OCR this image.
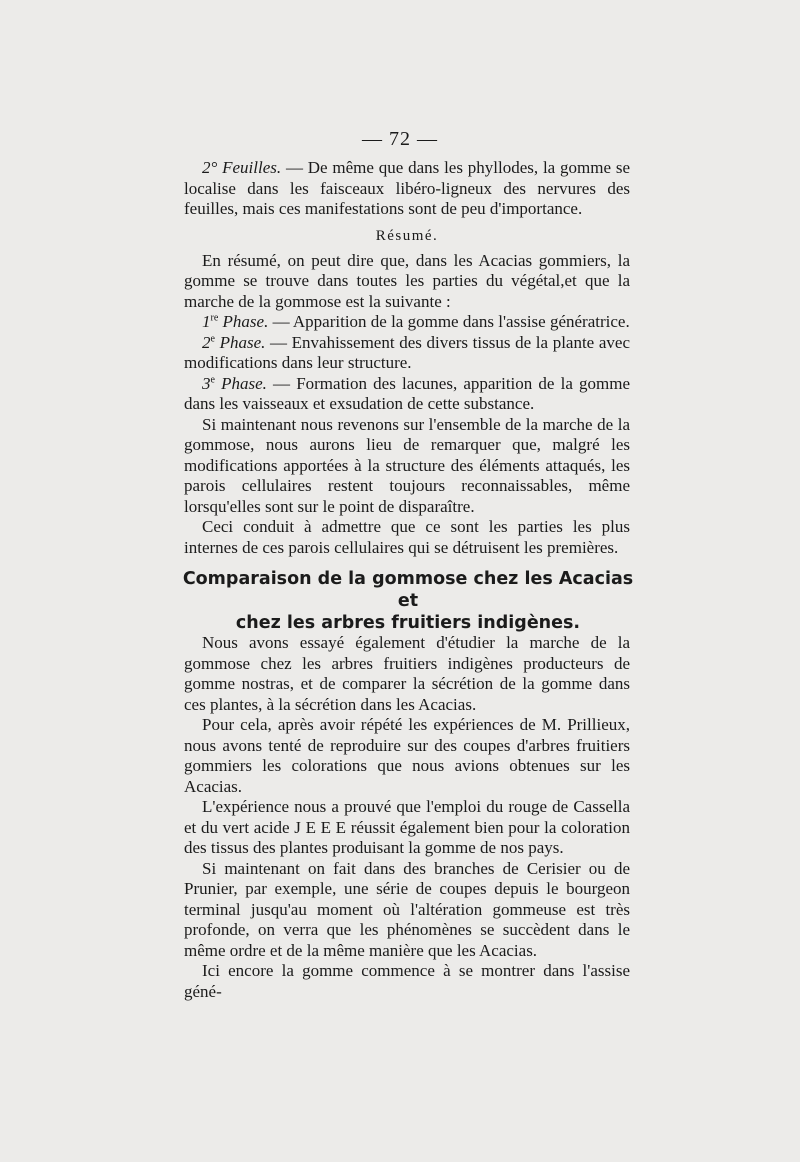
— 72 —

2° Feuilles. — De même que dans les phyllodes, la gomme se localise dans les faisceaux libéro-ligneux des nervures des feuilles, mais ces manifestations sont de peu d'importance.

Résumé.

En résumé, on peut dire que, dans les Acacias gommiers, la gomme se trouve dans toutes les parties du végétal,et que la marche de la gommose est la suivante :

1re Phase. — Apparition de la gomme dans l'assise génératrice.

2e Phase. — Envahissement des divers tissus de la plante avec modifications dans leur structure.

3e Phase. — Formation des lacunes, apparition de la gomme dans les vaisseaux et exsudation de cette substance.

Si maintenant nous revenons sur l'ensemble de la marche de la gommose, nous aurons lieu de remarquer que, malgré les modifications apportées à la structure des éléments attaqués, les parois cellulaires restent toujours reconnaissables, même lorsqu'elles sont sur le point de disparaître.

Ceci conduit à admettre que ce sont les parties les plus internes de ces parois cellulaires qui se détruisent les premières.

Comparaison de la gommose chez les Acacias et
chez les arbres fruitiers indigènes.

Nous avons essayé également d'étudier la marche de la gommose chez les arbres fruitiers indigènes producteurs de gomme nostras, et de comparer la sécrétion de la gomme dans ces plantes, à la sécrétion dans les Acacias.

Pour cela, après avoir répété les expériences de M. Prillieux, nous avons tenté de reproduire sur des coupes d'arbres fruitiers gommiers les colorations que nous avions obtenues sur les Acacias.

L'expérience nous a prouvé que l'emploi du rouge de Cassella et du vert acide J E E E réussit également bien pour la coloration des tissus des plantes produisant la gomme de nos pays.

Si maintenant on fait dans des branches de Cerisier ou de Prunier, par exemple, une série de coupes depuis le bourgeon terminal jusqu'au moment où l'altération gommeuse est très profonde, on verra que les phénomènes se succèdent dans le même ordre et de la même manière que les Acacias.

Ici encore la gomme commence à se montrer dans l'assise géné-
